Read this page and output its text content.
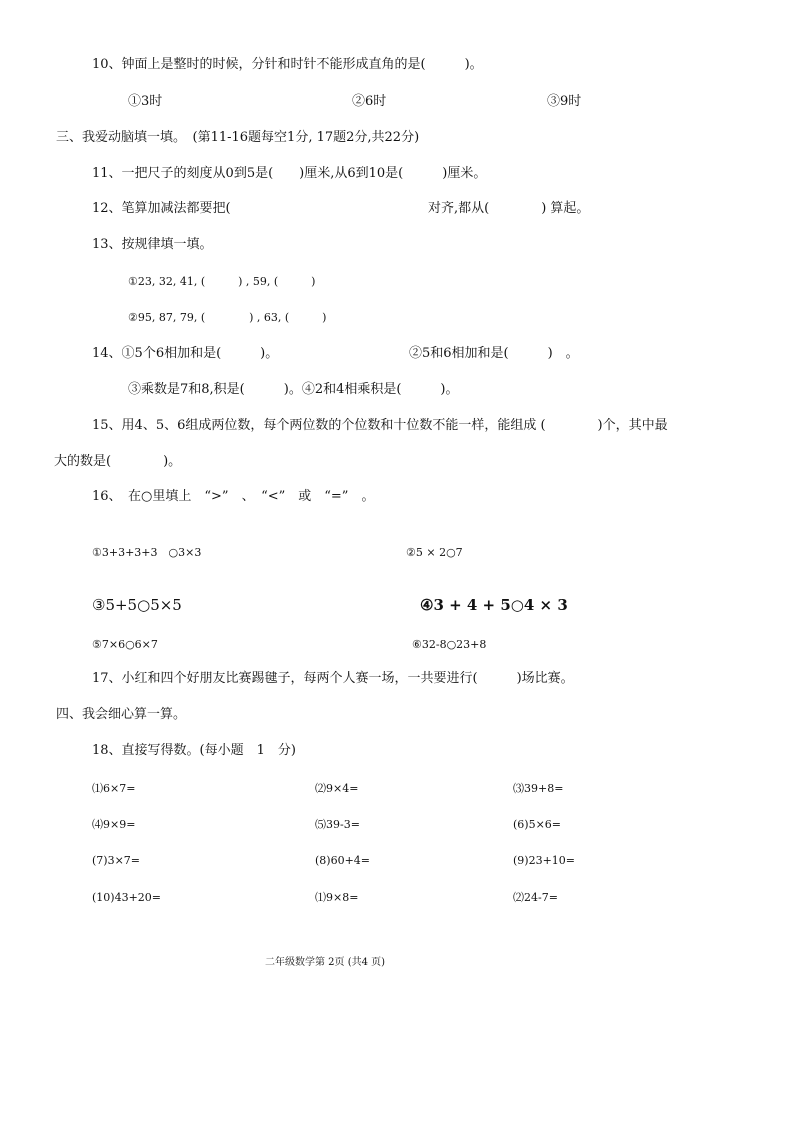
10、钟面上是整时的时候，分针和时针不能形成直角的是(　　　)。
①3时	②6时	③9时
三、我爱动脑填一填。　(第11-16题每空1分, 17题2分,共22分)
11、一把尺子的刻度从0到5是(　　)厘米,从6到10是(　　　)厘米。
12、笔算加减法都要把(	对齐,都从(　　　　) 算起。
13、按规律填一填。
①23, 32, 41, (　　　) , 59, (　　　)
②95, 87, 79, (　　　　) , 63, (　　　)
14、①5个6相加和是(　　　)。	②5和6相加和是(　　　)　。
③乘数是7和8,积是(　　　)。④2和4相乘积是(　　　)。
15、用4、5、6组成两位数，每个两位数的个位数和十位数不能一样，能组成 (　　　　)个，其中最
大的数是(　　　　)。
16、　在○里填上　“>”　、　“<”　或　“=”　。
①3+3+3+3　○3×3	②5 × 2○7
③5+5○5×5	④3 + 4 + 5○4 × 3
⑤7×6○6×7	⑥32-8○23+8
17、小红和四个好朋友比赛踢毽子，每两个人赛一场，一共要进行(　　　)场比赛。
四、我会细心算一算。
18、直接写得数。(每小题　1　分)
⑴6×7=	⑵9×4=	⑶39+8=
⑷9×9=	⑸39-3=	(6)5×6=
(7)3×7=	(8)60+4=	(9)23+10=
(10)43+20=	⑴9×8=	⑵24-7=
二年级数学第 2页 (共4 页)
